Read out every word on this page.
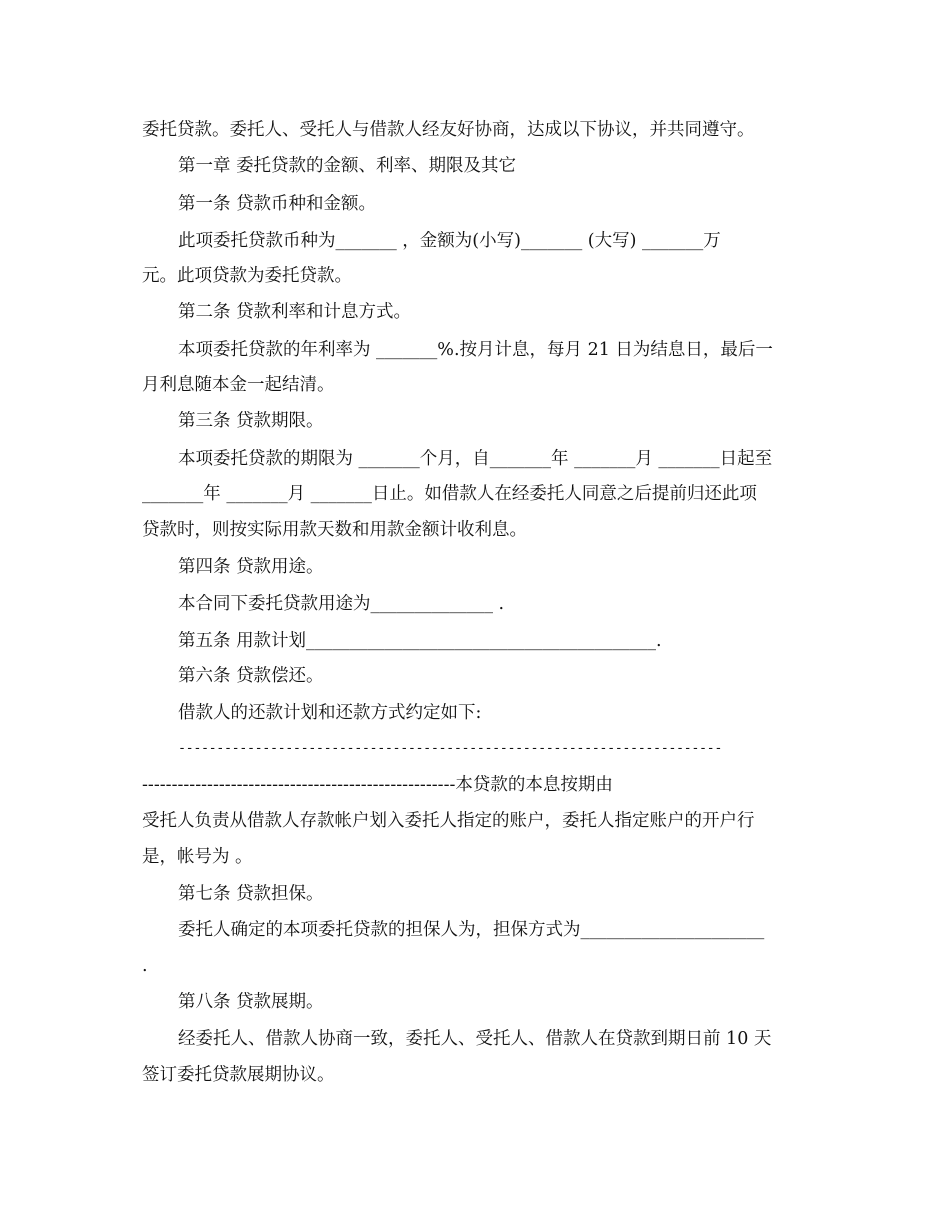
委托贷款。委托人、受托人与借款人经友好协商，达成以下协议，并共同遵守。
第一章 委托贷款的金额、利率、期限及其它
第一条 贷款币种和金额。
此项委托贷款币种为_______ ，金额为(小写)_______ (大写) _______万
元。此项贷款为委托贷款。
第二条 贷款利率和计息方式。
本项委托贷款的年利率为 _______%.按月计息，每月 21 日为结息日，最后一
月利息随本金一起结清。
第三条 贷款期限。
本项委托贷款的期限为 _______个月，自_______年 _______月 _______日起至
_______年 _______月 _______日止。如借款人在经委托人同意之后提前归还此项
贷款时，则按实际用款天数和用款金额计收利息。
第四条 贷款用途。
本合同下委托贷款用途为______________ .
第五条 用款计划________________________________________.
第六条 贷款偿还。
借款人的还款计划和还款方式约定如下:
-----------------------------------------------------------------------
-----------------------------------------------------本贷款的本息按期由
受托人负责从借款人存款帐户划入委托人指定的账户，委托人指定账户的开户行
是，帐号为 。
第七条 贷款担保。
委托人确定的本项委托贷款的担保人为，担保方式为_____________________
.
第八条 贷款展期。
经委托人、借款人协商一致，委托人、受托人、借款人在贷款到期日前 10 天
签订委托贷款展期协议。
